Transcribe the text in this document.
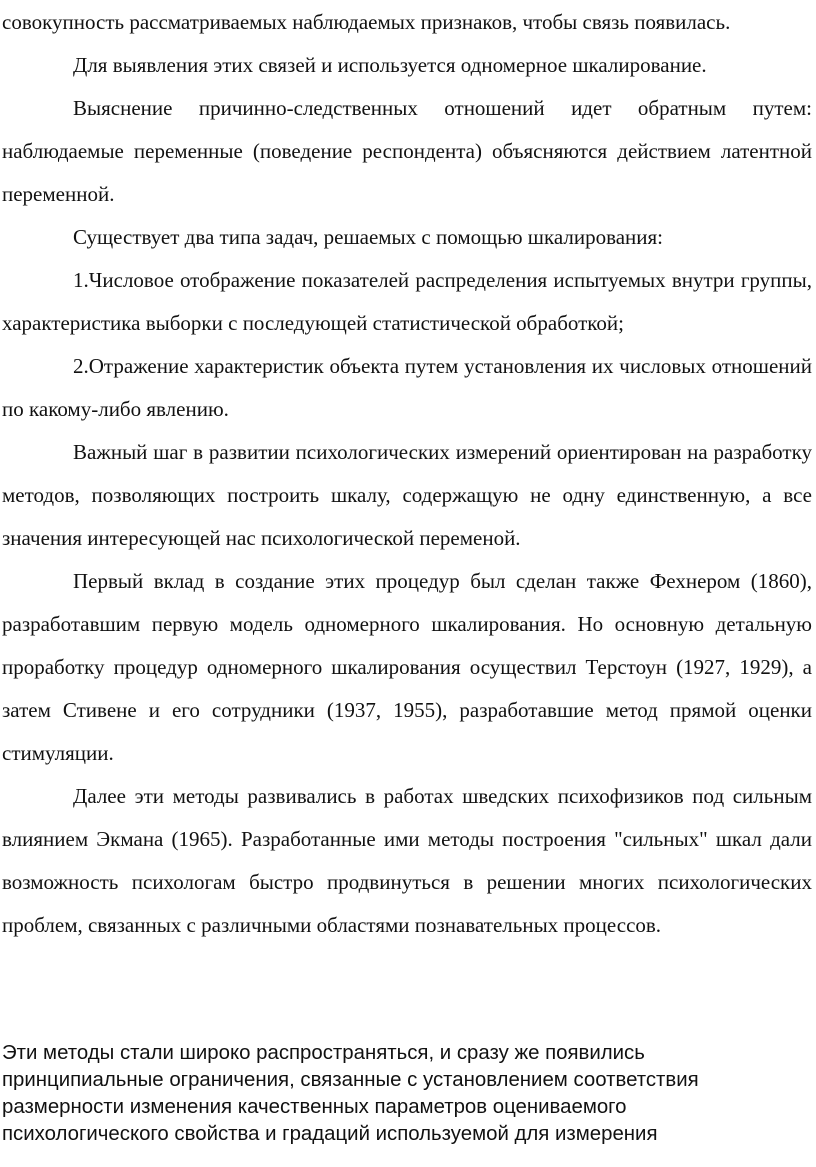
совокупность рассматриваемых наблюдаемых признаков, чтобы связь появилась.

Для выявления этих связей и используется одномерное шкалирование.

Выяснение причинно-следственных отношений идет обратным путем: наблюдаемые переменные (поведение респондента) объясняются действием латентной переменной.

Существует два типа задач, решаемых с помощью шкалирования:

1.Числовое отображение показателей распределения испытуемых внутри группы, характеристика выборки с последующей статистической обработкой;

2.Отражение характеристик объекта путем установления их числовых отношений по какому-либо явлению.

Важный шаг в развитии психологических измерений ориентирован на разработку методов, позволяющих построить шкалу, содержащую не одну единственную, а все значения интересующей нас психологической переменой.

Первый вклад в создание этих процедур был сделан также Фехнером (1860), разработавшим первую модель одномерного шкалирования. Но основную детальную проработку процедур одномерного шкалирования осуществил Терстоун (1927, 1929), а затем Стивене и его сотрудники (1937, 1955), разработавшие метод прямой оценки стимуляции.

Далее эти методы развивались в работах шведских психофизиков под сильным влиянием Экмана (1965). Разработанные ими методы построения "сильных" шкал дали возможность психологам быстро продвинуться в решении многих психологических проблем, связанных с различными областями познавательных процессов.

Эти методы стали широко распространяться, и сразу же появились
принципиальные ограничения, связанные с установлением соответствия
размерности изменения качественных параметров оцениваемого
психологического свойства и градаций используемой для измерения
